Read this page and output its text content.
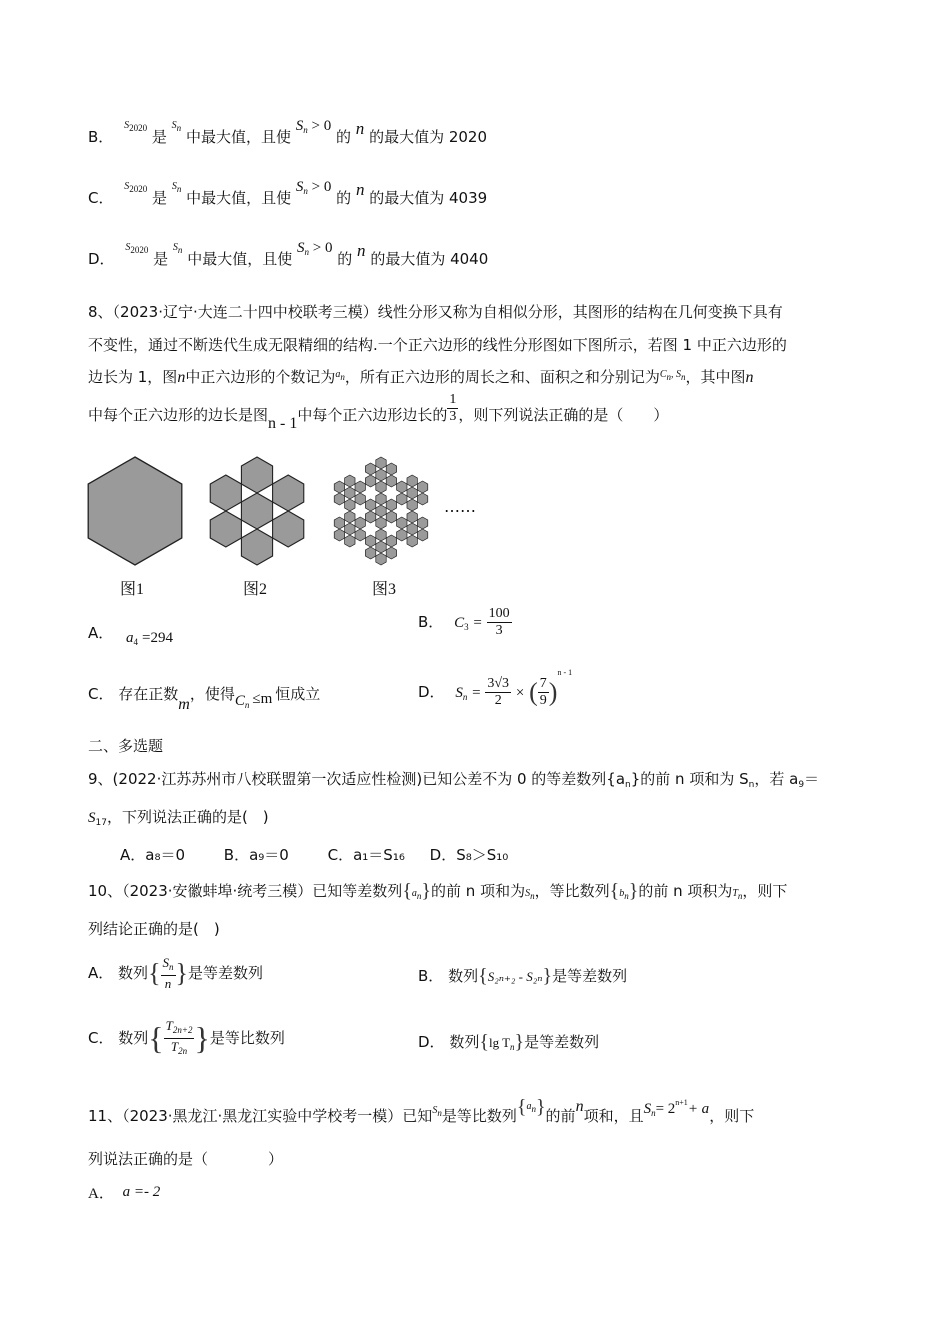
B． $^{S2020}$ 是 $^{Sn}$ 中最大值，且使 $S_n > 0$ 的 n 的最大值为 2020
C． $^{S2020}$ 是 $^{Sn}$ 中最大值，且使 $S_n > 0$ 的 n 的最大值为 4039
D． $^{S2020}$ 是 $^{Sn}$ 中最大值，且使 $S_n > 0$ 的 n 的最大值为 4040
8、（2023·辽宁·大连二十四中校联考三模）线性分形又称为自相似分形，其图形的结构在几何变换下具有
不变性，通过不断迭代生成无限精细的结构.一个正六边形的线性分形图如下图所示，若图 1 中正六边形的
边长为 1，图n中正六边形的个数记为$^{an}$，所有正六边形的周长之和、面积之和分别记为$^{Cn, Sn}$，其中图n
中每个正六边形的边长是图n - 1中每个正六边形边长的 $\frac{1}{3}$ ，则下列说法正确的是（　　）
……
图1	图2	图3
A． $a_4 =294$
B． $C_3 = \frac{100}{3}$
C． 存在正数m，使得$C_n \le m$ 恒成立	D． $S_n = \frac{3√3}{2}$ × ( $\frac{7}{9} )^{n - 1}$
二、多选题
9、(2022·江苏苏州市八校联盟第一次适应性检测)已知公差不为 0 的等差数列$\{a_n\}$的前 n 项和为 $S_n$，若 $a_9=$
$S_{17}$，下列说法正确的是(　)
A．a₈＝0	B．a₉＝0	C．a₁＝S₁₆ D．S₈＞S₁₀
10、（2023·安徽蚌埠·统考三模）已知等差数列{an}的前 n 项和为Sn，等比数列{bn}的前 n 项积为Tn，则下
列结论正确的是(　)
A． 数列{ $\frac{S_n}{n}$ }是等差数列	B． 数列{S₂ₙ₊₂ - S₂ₙ}是等差数列
C． 数列{ $\frac{T_{2n+2}}{T_{2n}}$ }是等比数列	D． 数列{lg $T_n$}是等差数列
11、（2023·黑龙江·黑龙江实验中学校考一模）已知$^{Sn}$是等比数列{$^{an}$}的前n项和，且$S_n= 2^{n+1}+ a$，则下
列说法正确的是（　　　　）
A． a =- 2
